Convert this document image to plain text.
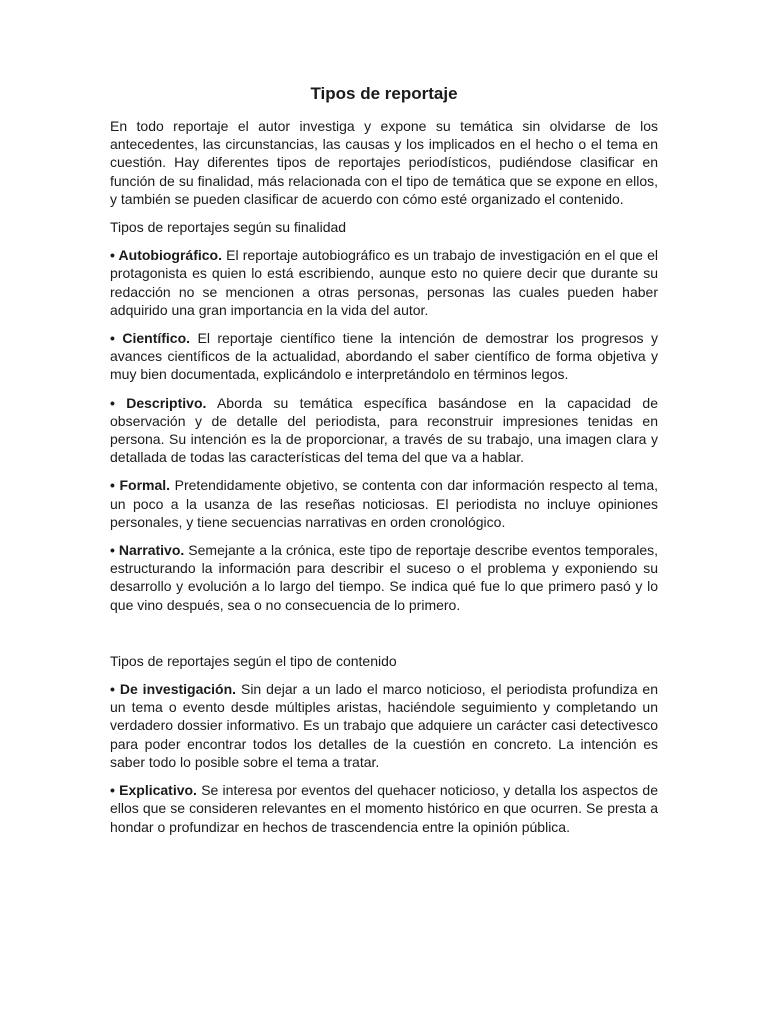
Tipos de reportaje

En todo reportaje el autor investiga y expone su temática sin olvidarse de los antecedentes, las circunstancias, las causas y los implicados en el hecho o el tema en cuestión. Hay diferentes tipos de reportajes periodísticos, pudiéndose clasificar en función de su finalidad, más relacionada con el tipo de temática que se expone en ellos, y también se pueden clasificar de acuerdo con cómo esté organizado el contenido.

Tipos de reportajes según su finalidad

• Autobiográfico. El reportaje autobiográfico es un trabajo de investigación en el que el protagonista es quien lo está escribiendo, aunque esto no quiere decir que durante su redacción no se mencionen a otras personas, personas las cuales pueden haber adquirido una gran importancia en la vida del autor.

• Científico. El reportaje científico tiene la intención de demostrar los progresos y avances científicos de la actualidad, abordando el saber científico de forma objetiva y muy bien documentada, explicándolo e interpretándolo en términos legos.

• Descriptivo. Aborda su temática específica basándose en la capacidad de observación y de detalle del periodista, para reconstruir impresiones tenidas en persona. Su intención es la de proporcionar, a través de su trabajo, una imagen clara y detallada de todas las características del tema del que va a hablar.

• Formal. Pretendidamente objetivo, se contenta con dar información respecto al tema, un poco a la usanza de las reseñas noticiosas. El periodista no incluye opiniones personales, y tiene secuencias narrativas en orden cronológico.

• Narrativo. Semejante a la crónica, este tipo de reportaje describe eventos temporales, estructurando la información para describir el suceso o el problema y exponiendo su desarrollo y evolución a lo largo del tiempo. Se indica qué fue lo que primero pasó y lo que vino después, sea o no consecuencia de lo primero.

Tipos de reportajes según el tipo de contenido

• De investigación. Sin dejar a un lado el marco noticioso, el periodista profundiza en un tema o evento desde múltiples aristas, haciéndole seguimiento y completando un verdadero dossier informativo. Es un trabajo que adquiere un carácter casi detectivesco para poder encontrar todos los detalles de la cuestión en concreto. La intención es saber todo lo posible sobre el tema a tratar.

• Explicativo. Se interesa por eventos del quehacer noticioso, y detalla los aspectos de ellos que se consideren relevantes en el momento histórico en que ocurren. Se presta a hondar o profundizar en hechos de trascendencia entre la opinión pública.
